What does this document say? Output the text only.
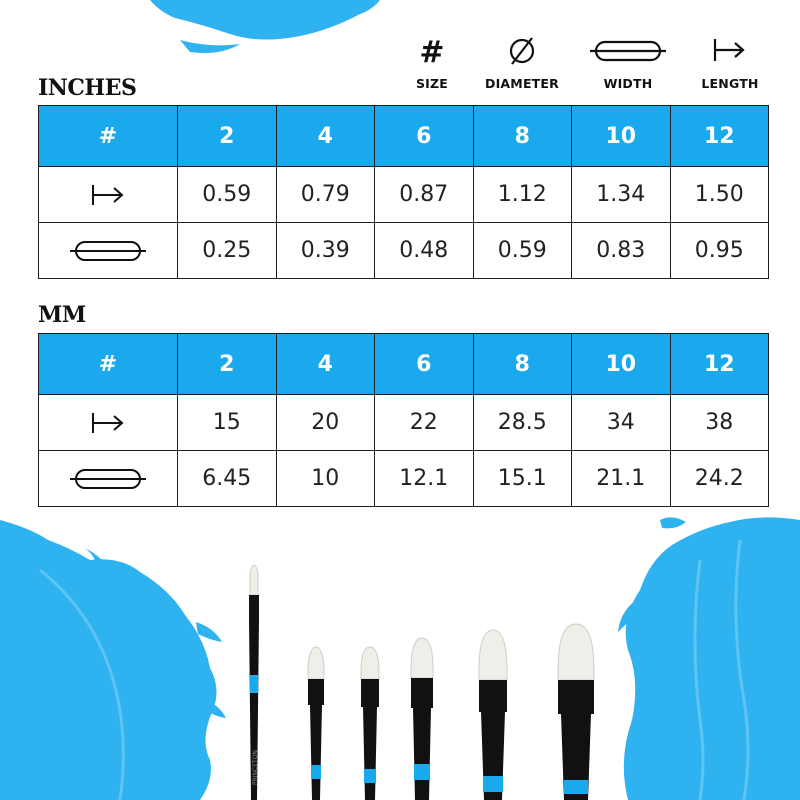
#
SIZE	DIAMETER	WIDTH	LENGTH
INCHES
#	2	4	6	8	10	12

	0.59	0.79	0.87	1.12	1.34	1.50

	0.25	0.39	0.48	0.59	0.83	0.95
MM
#	2	4	6	8	10	12

	15	20	22	28.5	34	38

	6.45	10	12.1	15.1	21.1	24.2
PRINCETON
